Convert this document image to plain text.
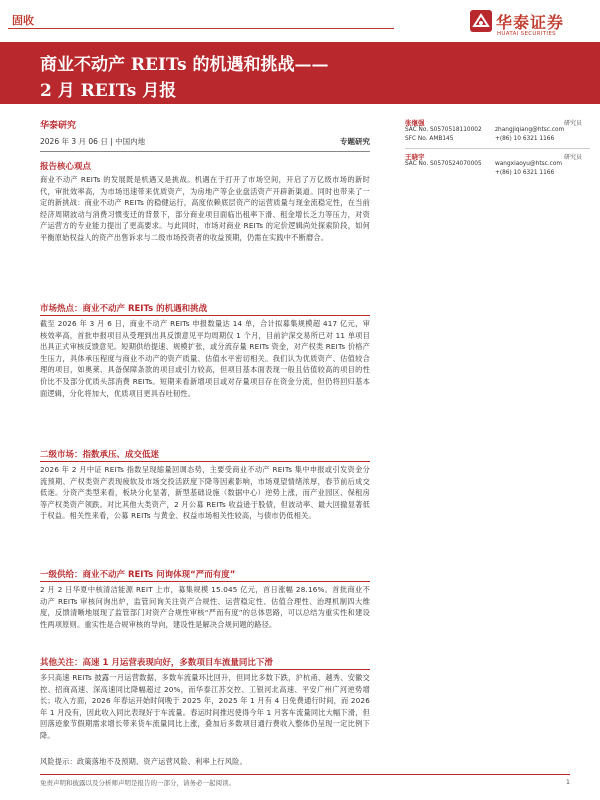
固收	华泰证券
HUATAI SECURITIES
商业不动产 REITs 的机遇和挑战——
2 月 REITs 月报
华泰研究
2026 年 3 月 06 日 | 中国内地	专题研究
报告核心观点
商业不动产 REITs 的发展既是机遇又是挑战。机遇在于打开了市场空间，开启了万亿级市场的新时代，审批效率高，为市场迅速带来优质资产，为房地产等企业盘活资产开辟新渠道。同时也带来了一定的新挑战：商业不动产 REITs 的稳健运行，高度依赖底层资产的运营质量与现金流稳定性，在当前经济周期波动与消费习惯变迁的背景下，部分商业项目面临出租率下滑、租金增长乏力等压力，对资产运营方的专业能力提出了更高要求。与此同时，市场对商业 REITs 的定价逻辑尚处探索阶段，如何平衡原始权益人的资产出售诉求与二级市场投资者的收益预期，仍需在实践中不断磨合。
市场热点：商业不动产 REITs 的机遇和挑战
截至 2026 年 3 月 6 日，商业不动产 REITs 申报数量达 14 单，合计拟募集规模超 417 亿元，审核效率高，首批申报项目从受理到出具反馈意见平均周期仅 1 个月，目前沪深交易所已对 11 单项目出具正式审核反馈意见。短期供给提速、规模扩张，或分流存量 REITs 资金，对产权类 REITs 价格产生压力，具体承压程度与商业不动产的资产质量、估值水平密切相关。我们认为优质资产、估值较合理的项目，如奥莱、具备保障条款的项目或引力较高，但项目基本面表现一般且估值较高的项目的性价比不及部分优质头部消费 REITs。短期来看新增项目或对存量项目存在资金分流，但仍将回归基本面逻辑，分化将加大，优质项目更具吞吐韧性。
二级市场：指数承压、成交低迷
2026 年 2 月中证 REITs 指数呈现缩量回调态势，主要受商业不动产 REITs 集中申报或引发资金分流预期、产权类资产表现疲软及市场交投活跃度下降等因素影响，市场观望情绪浓厚，春节前后成交低迷。分资产类型来看，板块分化显著，新型基础设施（数据中心）逆势上涨，而产业园区、保租房等产权类资产领跌。对比其他大类资产，2 月公募 REITs 收益逊于股债，但波动率、最大回撤显著低于权益。相关性来看，公募 REITs 与黄金、权益市场相关性较高，与债市仍低相关。
一级供给：商业不动产 REITs 问询体现“严而有度”
2 月 2 日华夏中核清洁能源 REIT 上市，募集规模 15.045 亿元，首日涨幅 28.16%。首批商业不动产 REITs 审核问询出炉，监管问询关注资产合规性、运营稳定性、估值合理性、治理机制四大维度，反馈清晰地展现了监管部门对资产合规性审核“严而有度”的总体思路，可以总结为重实性和建设性两项原则。重实性是合规审核的导向，建设性是解决合规问题的路径。
其他关注：高速 1 月运营表现向好，多数项目车流量同比下滑
多只高速 REITs 披露一月运营数据，多数车流量环比回升，但同比多数下跌，沪杭甬、越秀、安徽交控、招商高速、深高速同比降幅超过 20%，而华泰江苏交控、工银河北高速、平安广州广河逆势增长；收入方面，2026 年春运开始时间晚于 2025 年，2025 年 1 月有 4 日免费通行时间，而 2026 年 1 月没有，因此收入同比表现好于车流量。春运时间推迟使得今年 1 月客车流量同比大幅下滑，但回落迹象节假期需求增长带来货车流量同比上涨，叠加后多数项目通行费收入整体仍呈现一定比例下降。
风险提示：政策落地不及预期、资产运营风险、利率上行风险。
张继强	研究员
SAC No. S0570518110002 zhangjiqiang@htsc.com
SFC No. AMB145	+(86) 10 6321 1166
王晓宇	研究员
SAC No. S0570524070005 wangxiaoyu@htsc.com
+(86) 10 6321 1166
免责声明和披露以及分析师声明是报告的一部分，请务必一起阅读。	1
